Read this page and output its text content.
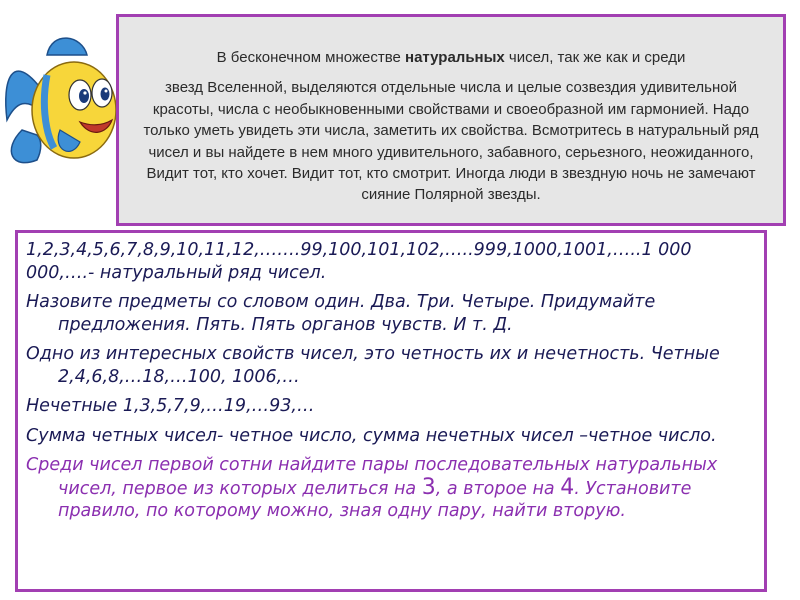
В бесконечном множестве натуральных чисел, так же как и среди
звезд Вселенной, выделяются отдельные числа и целые созвездия удивительной красоты, числа с необыкновенными свойствами и своеобразной им гармонией. Надо только уметь увидеть эти числа, заметить их свойства. Всмотритесь в натуральный ряд чисел и вы найдете в нем много удивительного, забавного, серьезного, неожиданного, Видит тот, кто хочет. Видит тот, кто смотрит. Иногда люди в звездную ночь не замечают сияние Полярной звезды.

1,2,3,4,5,6,7,8,9,10,11,12,…….99,100,101,102,…..999,1000,1001,…..1 000 000,….- натуральный ряд чисел.

Назовите предметы со словом один. Два. Три. Четыре. Придумайте предложения. Пять. Пять органов чувств. И т. Д.

Одно из интересных свойств чисел, это четность их и нечетность. Четные 2,4,6,8,…18,…100, 1006,…

Нечетные 1,3,5,7,9,…19,…93,…

Сумма четных чисел- четное число, сумма нечетных чисел –четное число.

Среди чисел первой сотни найдите пары последовательных натуральных чисел, первое из которых делиться на 3, а второе на 4. Установите правило, по которому можно, зная одну пару, найти вторую.
